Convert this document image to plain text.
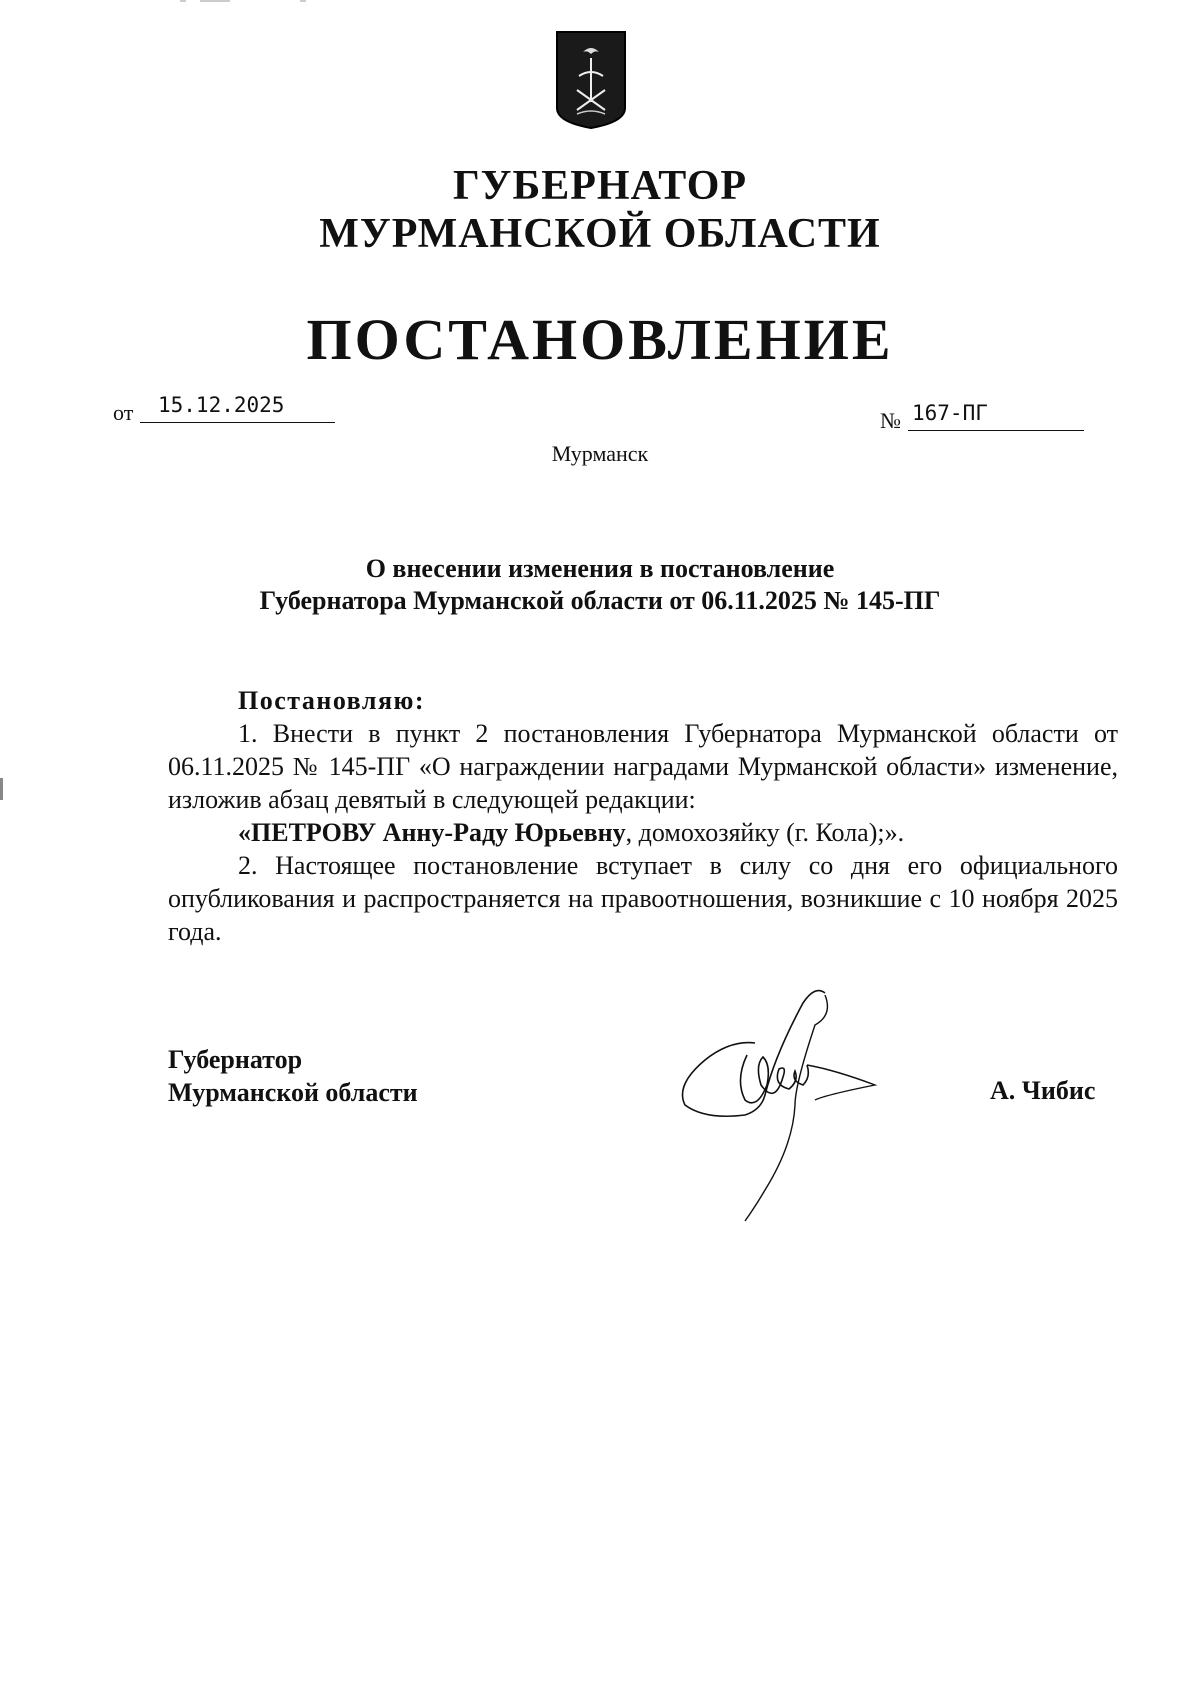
ГУБЕРНАТОР
МУРМАНСКОЙ ОБЛАСТИ
ПОСТАНОВЛЕНИЕ
от 15.12.2025
№ 167-ПГ
Мурманск
О внесении изменения в постановление
Губернатора Мурманской области от 06.11.2025 № 145-ПГ

Постановляю:

1. Внести в пункт 2 постановления Губернатора Мурманской области от 06.11.2025 № 145-ПГ «О награждении наградами Мурманской области» изменение, изложив абзац девятый в следующей редакции:

«ПЕТРОВУ Анну-Раду Юрьевну, домохозяйку (г. Кола);».

2. Настоящее постановление вступает в силу со дня его официального опубликования и распространяется на правоотношения, возникшие с 10 ноября 2025 года.

Губернатор
Мурманской области	А. Чибис
